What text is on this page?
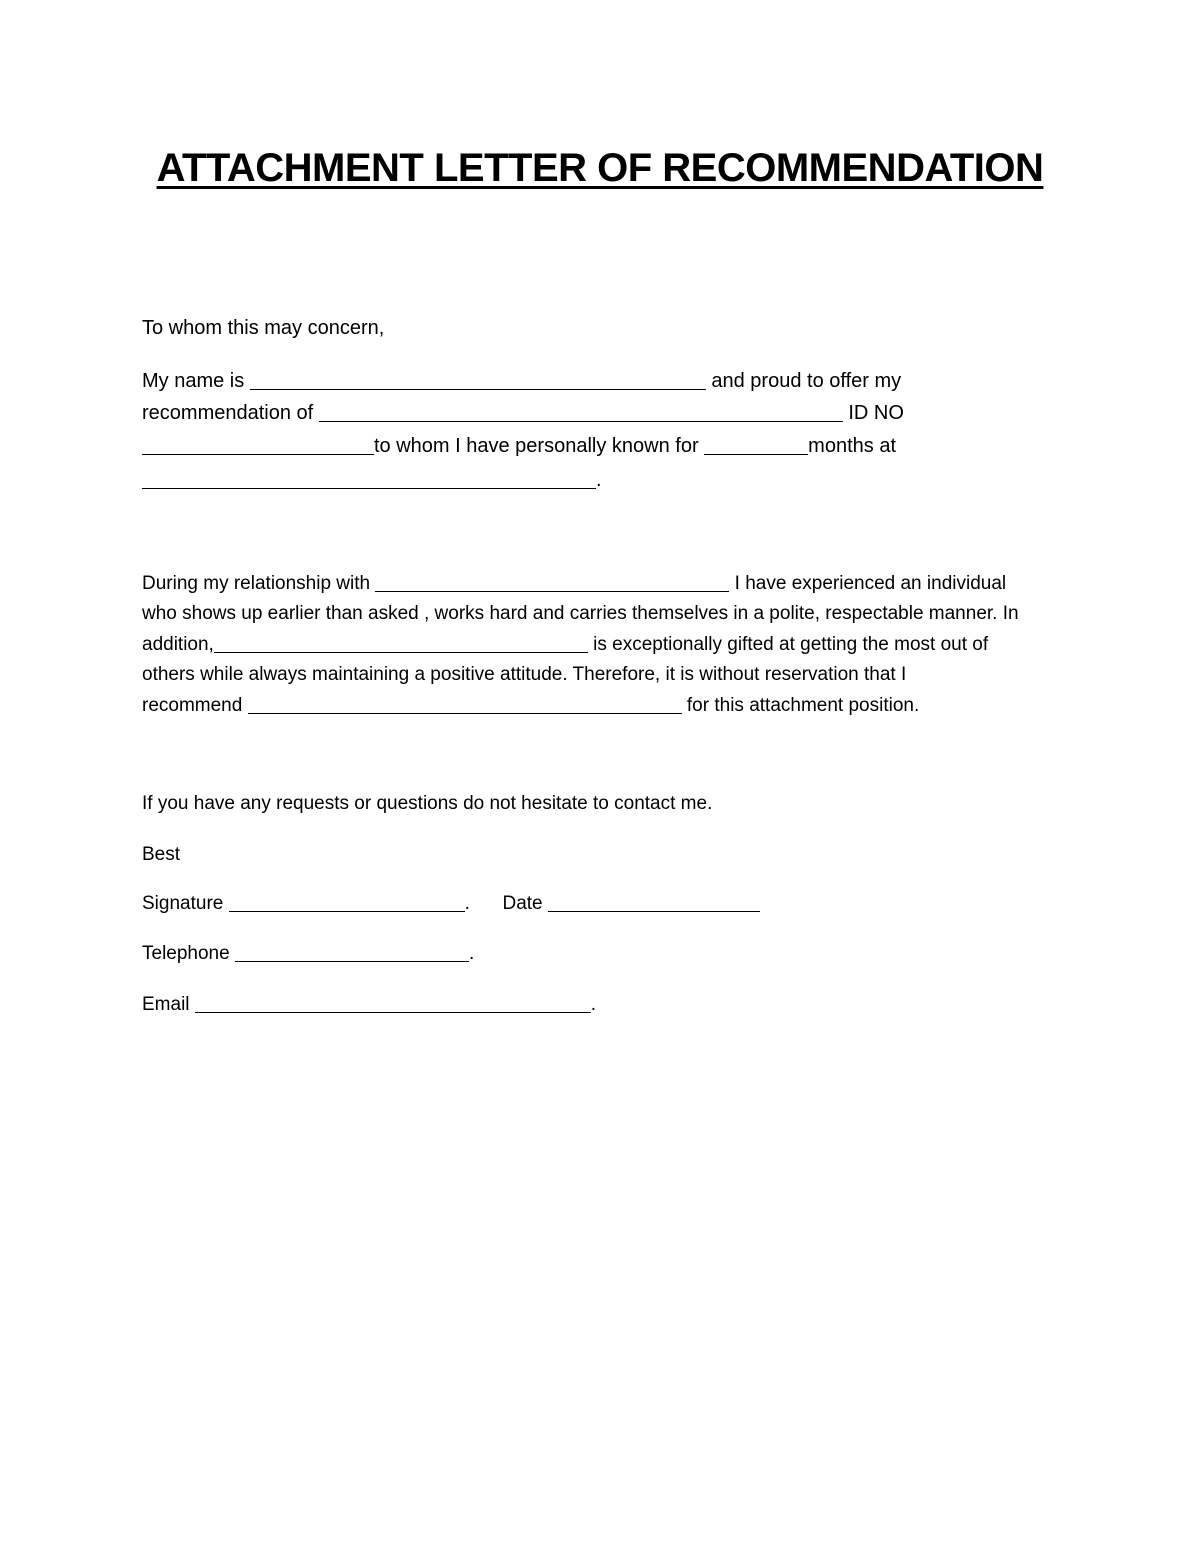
ATTACHMENT LETTER OF RECOMMENDATION
To whom this may concern,
My name is	and proud to offer my
recommendation of	ID NO
to whom I have personally known for	months at
.
During my relationship with	I have experienced an individual
who shows up earlier than asked , works hard and carries themselves in a polite, respectable manner. In
addition,	is exceptionally gifted at getting the most out of
others while always maintaining a positive attitude. Therefore, it is without reservation that I
recommend	for this attachment position.
If you have any requests or questions do not hesitate to contact me.
Best
Signature	. Date
Telephone	.
Email	.
